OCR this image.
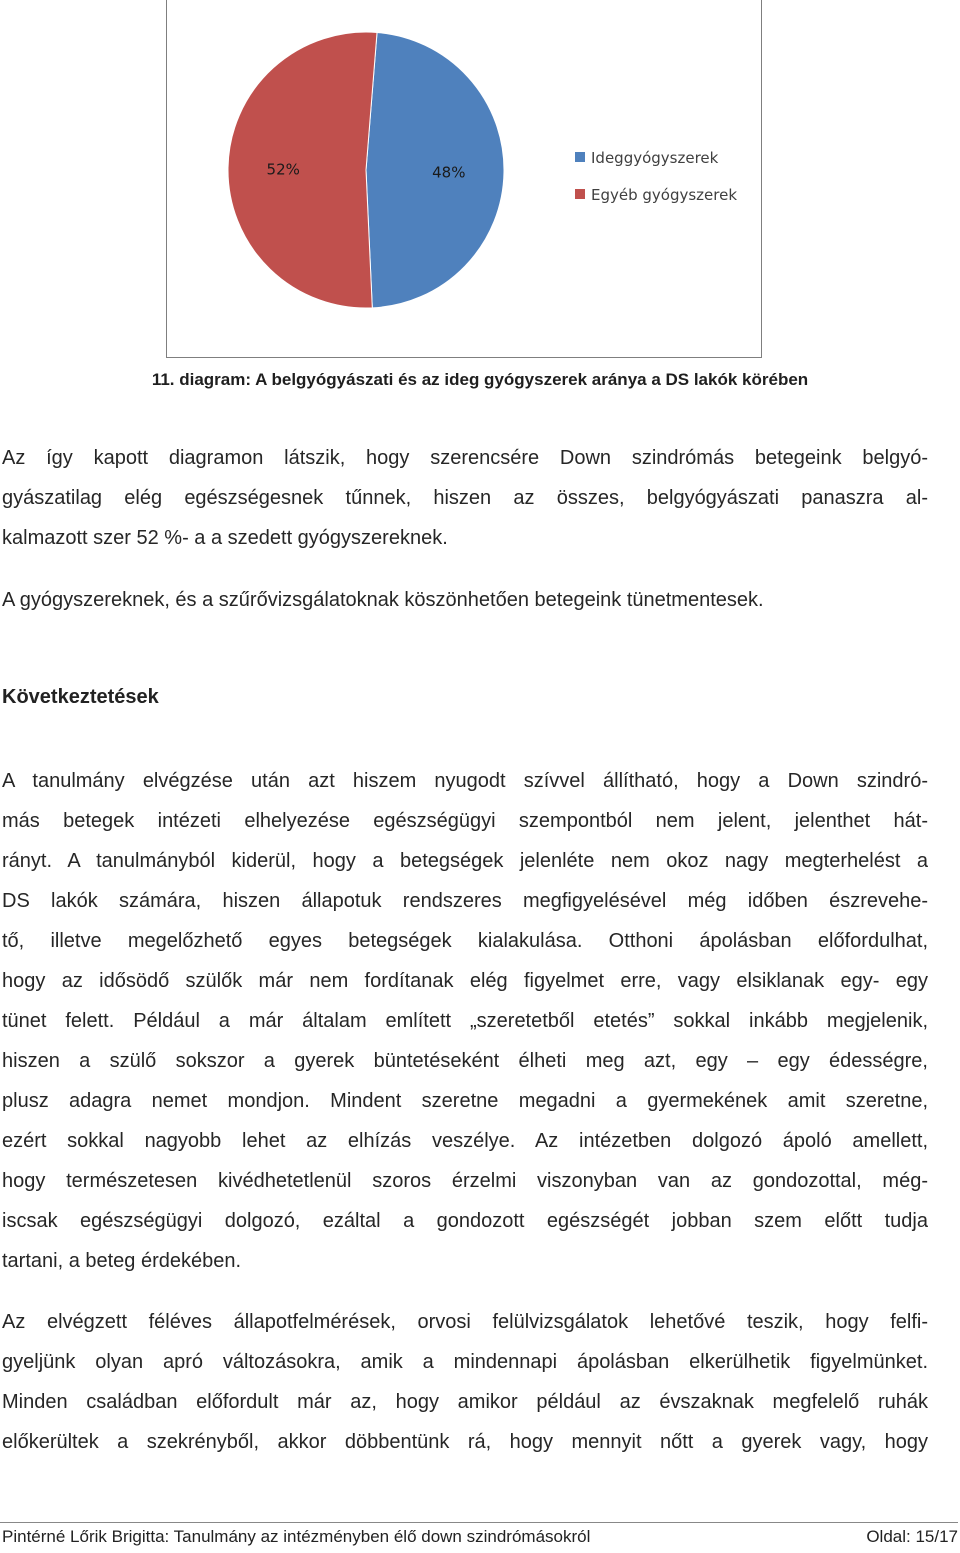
48%
52%
Ideggyógyszerek
Egyéb gyógyszerek
11. diagram: A belgyógyászati és az ideg gyógyszerek aránya a DS lakók körében

Az így kapott diagramon látszik, hogy szerencsére Down szindrómás betegeink belgyó-
gyászatilag elég egészségesnek tűnnek, hiszen az összes, belgyógyászati panaszra al-
kalmazott szer 52 %- a a szedett gyógyszereknek.

A gyógyszereknek, és a szűrővizsgálatoknak köszönhetően betegeink tünetmentesek.

Következtetések

A tanulmány elvégzése után azt hiszem nyugodt szívvel állítható, hogy a Down szindró-
más betegek intézeti elhelyezése egészségügyi szempontból nem jelent, jelenthet hát-
rányt. A tanulmányból kiderül, hogy a betegségek jelenléte nem okoz nagy megterhelést a
DS lakók számára, hiszen állapotuk rendszeres megfigyelésével még időben észrevehe-
tő, illetve megelőzhető egyes betegségek kialakulása. Otthoni ápolásban előfordulhat,
hogy az idősödő szülők már nem fordítanak elég figyelmet erre, vagy elsiklanak egy- egy
tünet felett. Például a már általam említett „szeretetből etetés” sokkal inkább megjelenik,
hiszen a szülő sokszor a gyerek büntetéseként élheti meg azt, egy – egy édességre,
plusz adagra nemet mondjon. Mindent szeretne megadni a gyermekének amit szeretne,
ezért sokkal nagyobb lehet az elhízás veszélye. Az intézetben dolgozó ápoló amellett,
hogy természetesen kivédhetetlenül szoros érzelmi viszonyban van az gondozottal, még-
iscsak egészségügyi dolgozó, ezáltal a gondozott egészségét jobban szem előtt tudja
tartani, a beteg érdekében.

Az elvégzett féléves állapotfelmérések, orvosi felülvizsgálatok lehetővé teszik, hogy felfi-
gyeljünk olyan apró változásokra, amik a mindennapi ápolásban elkerülhetik figyelmünket.
Minden családban előfordult már az, hogy amikor például az évszaknak megfelelő ruhák
előkerültek a szekrényből, akkor döbbentünk rá, hogy mennyit nőtt a gyerek vagy, hogy

Pintérné Lőrik Brigitta: Tanulmány az intézményben élő down szindrómásokról	Oldal: 15/17
